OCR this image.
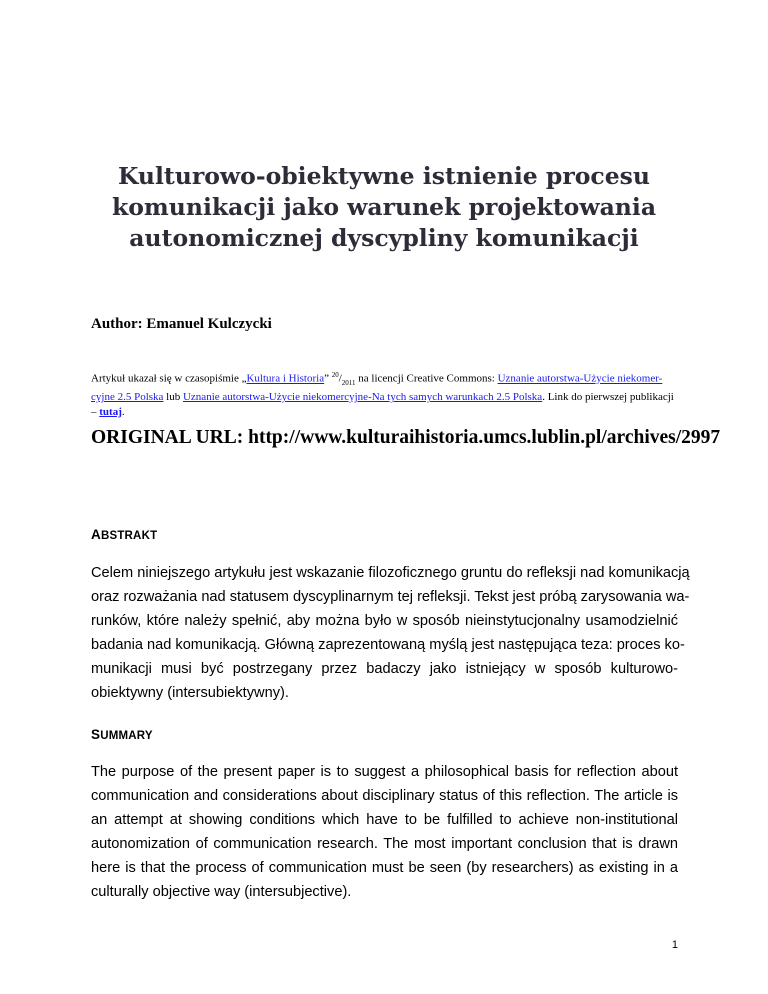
Kulturowo-obiektywne istnienie procesu
komunikacji jako warunek projektowania
autonomicznej dyscypliny komunikacji
Author: Emanuel Kulczycki
Artykuł ukazał się w czasopiśmie „Kultura i Historia” $^{20}/_{2011}$ na licencji Creative Commons: Uznanie autorstwa-Użycie niekomer-
cyjne 2.5 Polska lub Uznanie autorstwa-Użycie niekomercyjne-Na tych samych warunkach 2.5 Polska. Link do pierwszej publikacji
– tutaj.
ORIGINAL URL: http://www.kulturaihistoria.umcs.lublin.pl/archives/2997
ABSTRAKT
Celem niniejszego artykułu jest wskazanie filozoficznego gruntu do refleksji nad komunikacją
oraz rozważania nad statusem dyscyplinarnym tej refleksji. Tekst jest próbą zarysowania wa-
runków, które należy spełnić, aby można było w sposób nieinstytucjonalny usamodzielnić
badania nad komunikacją. Główną zaprezentowaną myślą jest następująca teza: proces ko-
munikacji musi być postrzegany przez badaczy jako istniejący w sposób kulturowo-
obiektywny (intersubiektywny).
SUMMARY
The purpose of the present paper is to suggest a philosophical basis for reflection about
communication and considerations about disciplinary status of this reflection. The article is
an attempt at showing conditions which have to be fulfilled to achieve non-institutional
autonomization of communication research. The most important conclusion that is drawn
here is that the process of communication must be seen (by researchers) as existing in a
culturally objective way (intersubjective).
1
